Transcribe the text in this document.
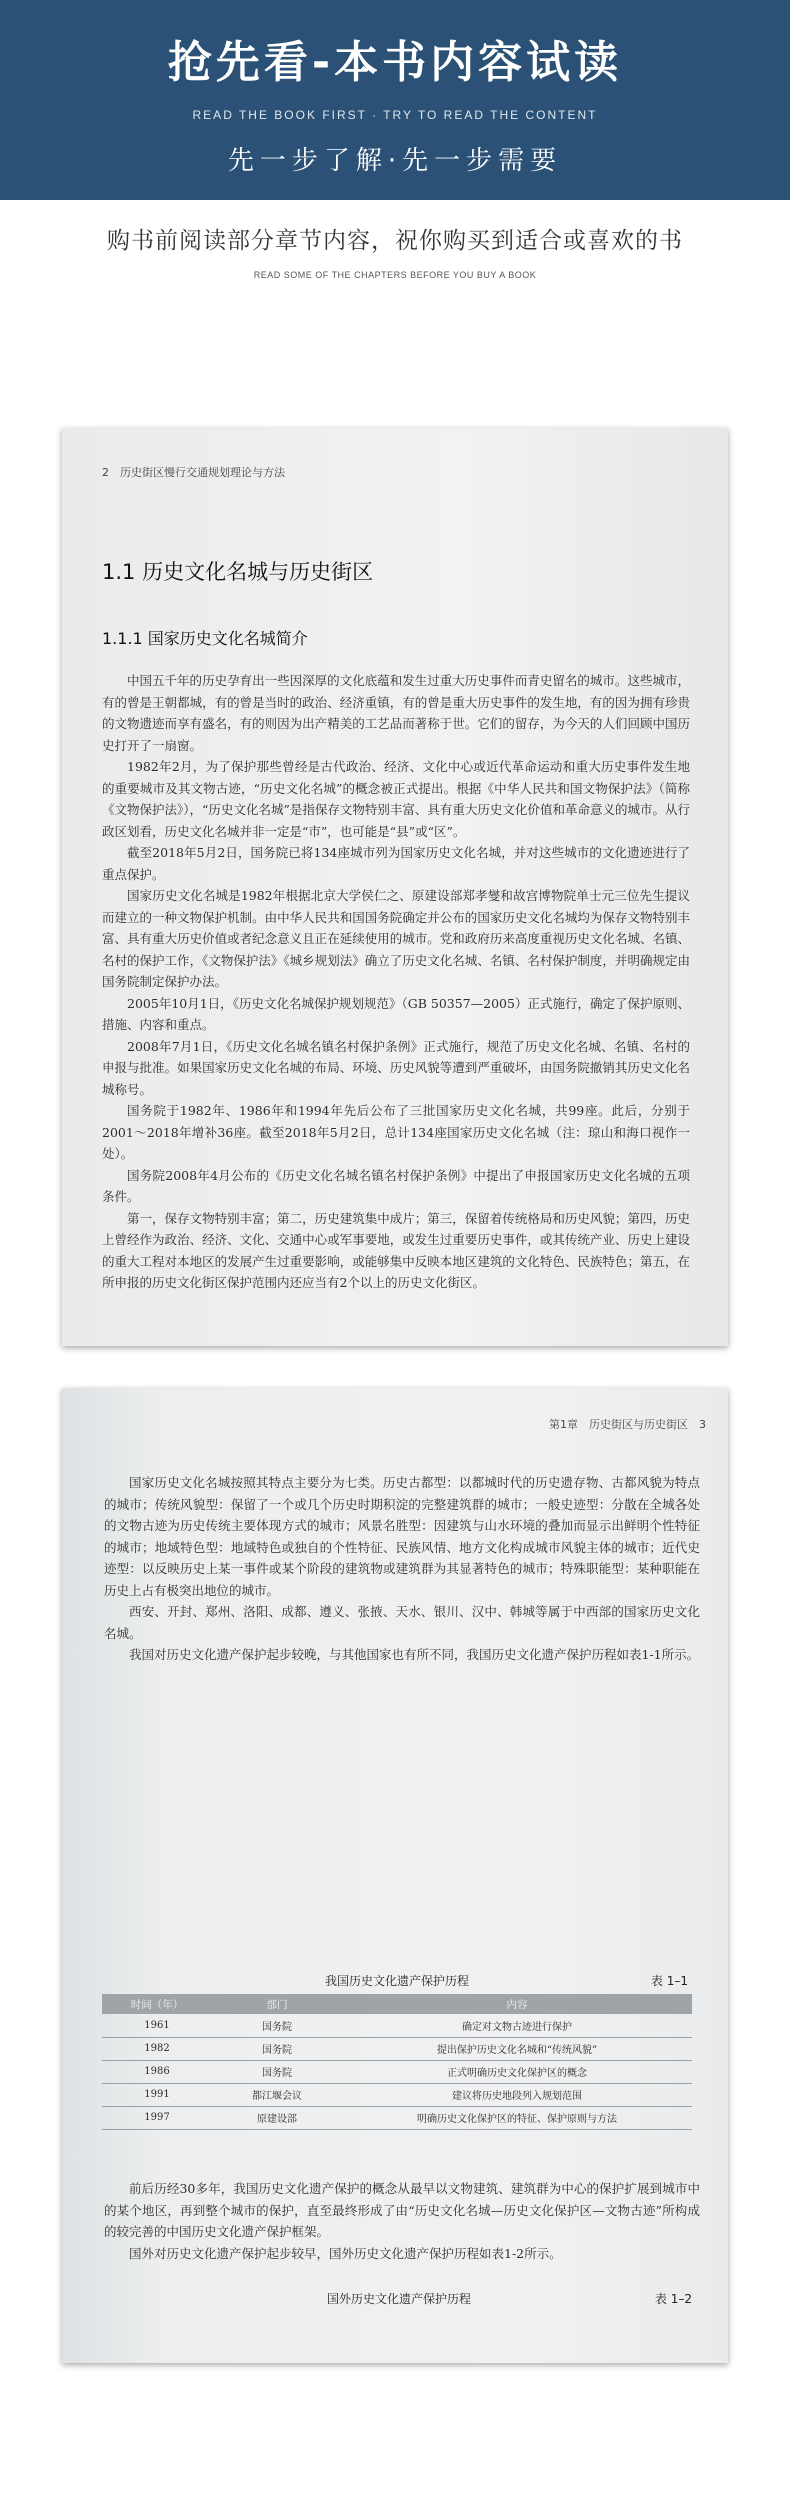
抢先看-本书内容试读
READ THE BOOK FIRST · TRY TO READ THE CONTENT
先一步了解·先一步需要
购书前阅读部分章节内容，祝你购买到适合或喜欢的书
READ SOME OF THE CHAPTERS BEFORE YOU BUY A BOOK
2　历史街区慢行交通规划理论与方法
1.1 历史文化名城与历史街区
1.1.1 国家历史文化名城简介

中国五千年的历史孕育出一些因深厚的文化底蕴和发生过重大历史事件而青史留名的城市。这些城市，有的曾是王朝都城，有的曾是当时的政治、经济重镇，有的曾是重大历史事件的发生地，有的因为拥有珍贵的文物遗迹而享有盛名，有的则因为出产精美的工艺品而著称于世。它们的留存，为今天的人们回顾中国历史打开了一扇窗。

1982年2月，为了保护那些曾经是古代政治、经济、文化中心或近代革命运动和重大历史事件发生地的重要城市及其文物古迹，“历史文化名城”的概念被正式提出。根据《中华人民共和国文物保护法》（简称《文物保护法》），“历史文化名城”是指保存文物特别丰富、具有重大历史文化价值和革命意义的城市。从行政区划看，历史文化名城并非一定是“市”，也可能是“县”或“区”。

截至2018年5月2日，国务院已将134座城市列为国家历史文化名城，并对这些城市的文化遗迹进行了重点保护。

国家历史文化名城是1982年根据北京大学侯仁之、原建设部郑孝燮和故宫博物院单士元三位先生提议而建立的一种文物保护机制。由中华人民共和国国务院确定并公布的国家历史文化名城均为保存文物特别丰富、具有重大历史价值或者纪念意义且正在延续使用的城市。党和政府历来高度重视历史文化名城、名镇、名村的保护工作，《文物保护法》《城乡规划法》确立了历史文化名城、名镇、名村保护制度，并明确规定由国务院制定保护办法。

2005年10月1日，《历史文化名城保护规划规范》（GB 50357—2005）正式施行，确定了保护原则、措施、内容和重点。

2008年7月1日，《历史文化名城名镇名村保护条例》正式施行，规范了历史文化名城、名镇、名村的申报与批准。如果国家历史文化名城的布局、环境、历史风貌等遭到严重破坏，由国务院撤销其历史文化名城称号。

国务院于1982年、1986年和1994年先后公布了三批国家历史文化名城，共99座。此后，分别于2001～2018年增补36座。截至2018年5月2日，总计134座国家历史文化名城（注：琼山和海口视作一处）。

国务院2008年4月公布的《历史文化名城名镇名村保护条例》中提出了申报国家历史文化名城的五项条件。

第一，保存文物特别丰富；第二，历史建筑集中成片；第三，保留着传统格局和历史风貌；第四，历史上曾经作为政治、经济、文化、交通中心或军事要地，或发生过重要历史事件，或其传统产业、历史上建设的重大工程对本地区的发展产生过重要影响，或能够集中反映本地区建筑的文化特色、民族特色；第五，在所申报的历史文化街区保护范围内还应当有2个以上的历史文化街区。

第1章　历史街区与历史街区　3

国家历史文化名城按照其特点主要分为七类。历史古都型：以都城时代的历史遗存物、古都风貌为特点的城市；传统风貌型：保留了一个或几个历史时期积淀的完整建筑群的城市；一般史迹型：分散在全城各处的文物古迹为历史传统主要体现方式的城市；风景名胜型：因建筑与山水环境的叠加而显示出鲜明个性特征的城市；地域特色型：地域特色或独自的个性特征、民族风情、地方文化构成城市风貌主体的城市；近代史迹型：以反映历史上某一事件或某个阶段的建筑物或建筑群为其显著特色的城市；特殊职能型：某种职能在历史上占有极突出地位的城市。

西安、开封、郑州、洛阳、成都、遵义、张掖、天水、银川、汉中、韩城等属于中西部的国家历史文化名城。

我国对历史文化遗产保护起步较晚，与其他国家也有所不同，我国历史文化遗产保护历程如表1-1所示。

我国历史文化遗产保护历程	表 1–1
时间（年）	部门	内容
1961	国务院	确定对文物古迹进行保护
1982	国务院	提出保护历史文化名城和“传统风貌”
1986	国务院	正式明确历史文化保护区的概念
1991	都江堰会议	建议将历史地段列入规划范围
1997	原建设部	明确历史文化保护区的特征、保护原则与方法

前后历经30多年，我国历史文化遗产保护的概念从最早以文物建筑、建筑群为中心的保护扩展到城市中的某个地区，再到整个城市的保护，直至最终形成了由“历史文化名城—历史文化保护区—文物古迹”所构成的较完善的中国历史文化遗产保护框架。

国外对历史文化遗产保护起步较早，国外历史文化遗产保护历程如表1-2所示。

国外历史文化遗产保护历程	表 1–2
